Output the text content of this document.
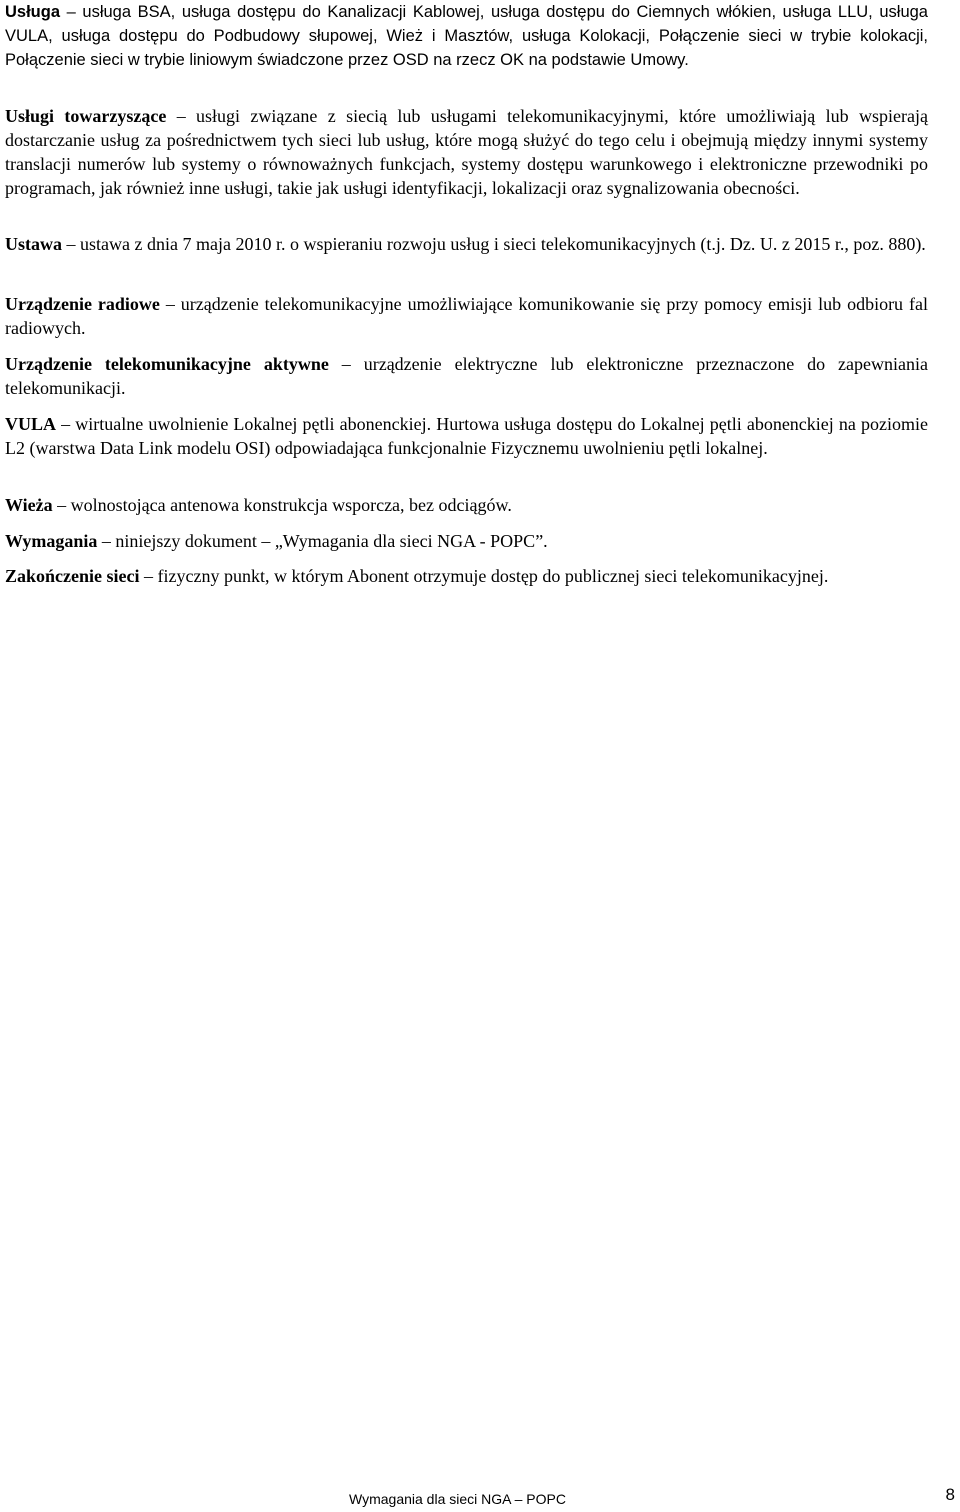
Usługa – usługa BSA, usługa dostępu do Kanalizacji Kablowej, usługa dostępu do Ciemnych włókien, usługa LLU, usługa VULA, usługa dostępu do Podbudowy słupowej, Wież i Masztów, usługa Kolokacji, Połączenie sieci w trybie kolokacji, Połączenie sieci w trybie liniowym świadczone przez OSD na rzecz OK na podstawie Umowy.

Usługi towarzyszące – usługi związane z siecią lub usługami telekomunikacyjnymi, które umożliwiają lub wspierają dostarczanie usług za pośrednictwem tych sieci lub usług, które mogą służyć do tego celu i obejmują między innymi systemy translacji numerów lub systemy o równoważnych funkcjach, systemy dostępu warunkowego i elektroniczne przewodniki po programach, jak również inne usługi, takie jak usługi identyfikacji, lokalizacji oraz sygnalizowania obecności.

Ustawa – ustawa z dnia 7 maja 2010 r. o wspieraniu rozwoju usług i sieci telekomunikacyjnych (t.j. Dz. U. z 2015 r., poz. 880).

Urządzenie radiowe – urządzenie telekomunikacyjne umożliwiające komunikowanie się przy pomocy emisji lub odbioru fal radiowych.

Urządzenie telekomunikacyjne aktywne – urządzenie elektryczne lub elektroniczne przeznaczone do zapewniania telekomunikacji.

VULA – wirtualne uwolnienie Lokalnej pętli abonenckiej. Hurtowa usługa dostępu do Lokalnej pętli abonenckiej na poziomie L2 (warstwa Data Link modelu OSI) odpowiadająca funkcjonalnie Fizycznemu uwolnieniu pętli lokalnej.

Wieża – wolnostojąca antenowa konstrukcja wsporcza, bez odciągów.

Wymagania – niniejszy dokument – „Wymagania dla sieci NGA - POPC”.

Zakończenie sieci – fizyczny punkt, w którym Abonent otrzymuje dostęp do publicznej sieci telekomunikacyjnej.

Wymagania dla sieci NGA – POPC	8
